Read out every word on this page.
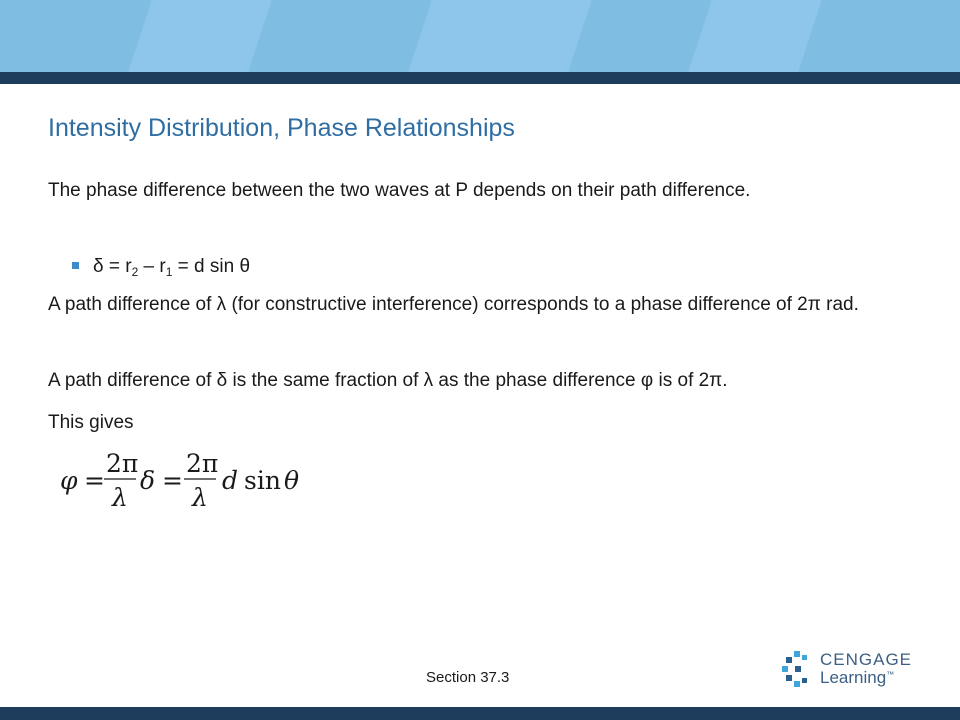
Intensity Distribution, Phase Relationships
The phase difference between the two waves at P depends on their path difference.
$\delta = r_2 - r_1 = d$ sin θ
A path difference of λ (for constructive interference) corresponds to a phase difference of 2π rad.
A path difference of δ is the same fraction of λ as the phase difference φ is of 2π.
This gives
φ =
2π
λ
δ =
2π
λ
d sin θ
Section 37.3
CENGAGE
Learning™
